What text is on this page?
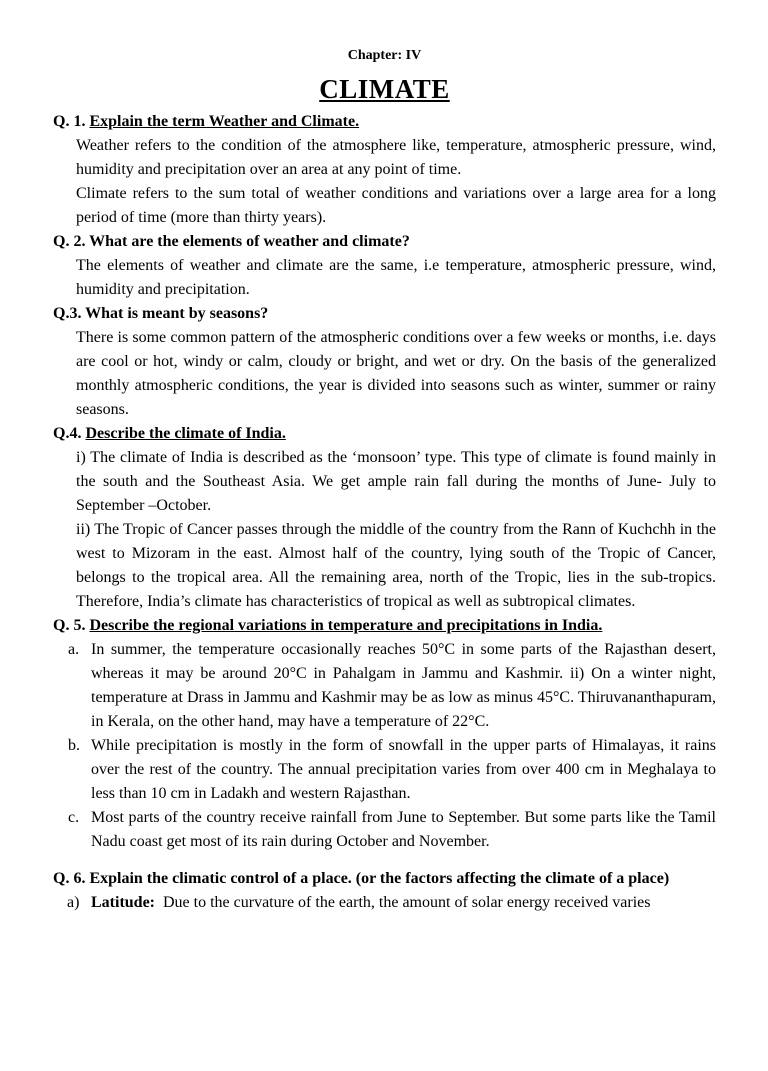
Chapter: IV
CLIMATE
Q. 1. Explain the term Weather and Climate.
Weather refers to the condition of the atmosphere like, temperature, atmospheric pressure, wind, humidity and precipitation over an area at any point of time.
Climate refers to the sum total of weather conditions and variations over a large area for a long period of time (more than thirty years).
Q. 2. What are the elements of weather and climate?
The elements of weather and climate are the same, i.e temperature, atmospheric pressure, wind, humidity and precipitation.
Q.3. What is meant by seasons?
There is some common pattern of the atmospheric conditions over a few weeks or months, i.e. days are cool or hot, windy or calm, cloudy or bright, and wet or dry. On the basis of the generalized monthly atmospheric conditions, the year is divided into seasons such as winter, summer or rainy seasons.
Q.4. Describe the climate of India.
i) The climate of India is described as the ‘monsoon’ type. This type of climate is found mainly in the south and the Southeast Asia. We get ample rain fall during the months of June- July to September –October.
ii) The Tropic of Cancer passes through the middle of the country from the Rann of Kuchchh in the west to Mizoram in the east. Almost half of the country, lying south of the Tropic of Cancer, belongs to the tropical area. All the remaining area, north of the Tropic, lies in the sub-tropics. Therefore, India’s climate has characteristics of tropical as well as subtropical climates.
Q. 5. Describe the regional variations in temperature and precipitations in India.
a. In summer, the temperature occasionally reaches 50°C in some parts of the Rajasthan desert, whereas it may be around 20°C in Pahalgam in Jammu and Kashmir. ii) On a winter night, temperature at Drass in Jammu and Kashmir may be as low as minus 45°C. Thiruvananthapuram, in Kerala, on the other hand, may have a temperature of 22°C.
b. While precipitation is mostly in the form of snowfall in the upper parts of Himalayas, it rains over the rest of the country. The annual precipitation varies from over 400 cm in Meghalaya to less than 10 cm in Ladakh and western Rajasthan.
c. Most parts of the country receive rainfall from June to September. But some parts like the Tamil Nadu coast get most of its rain during October and November.
Q. 6. Explain the climatic control of a place. (or the factors affecting the climate of a place)
a) Latitude: Due to the curvature of the earth, the amount of solar energy received varies
